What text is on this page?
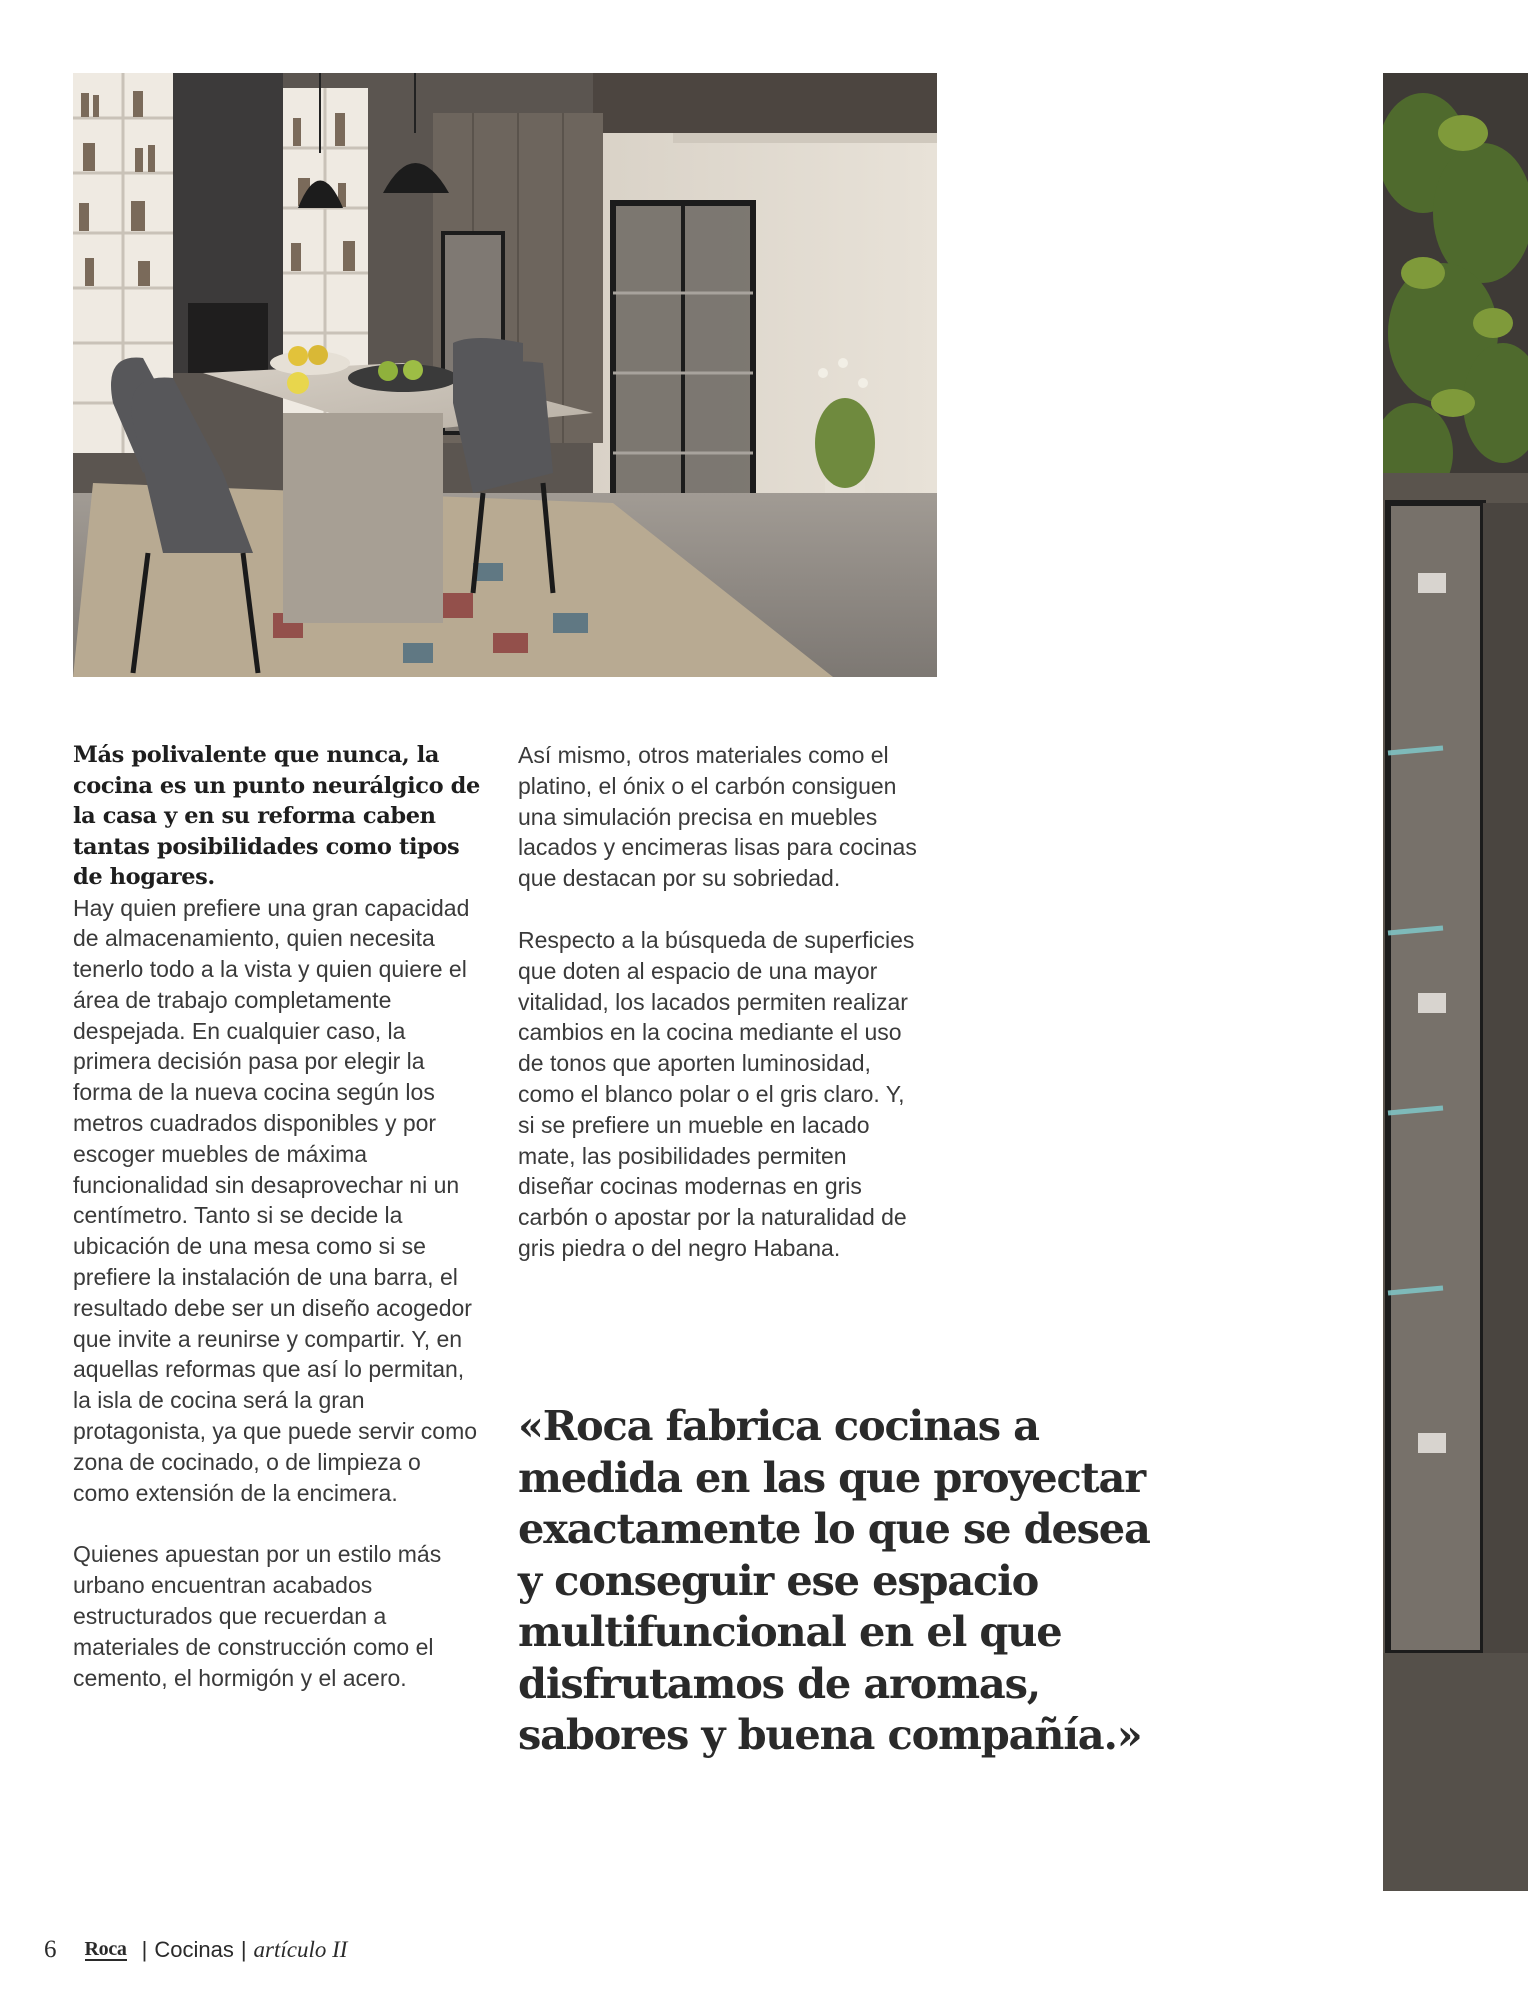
Más polivalente que nunca, la cocina es un punto neurálgico de la casa y en su reforma caben tantas posibilidades como tipos de hogares.

Hay quien prefiere una gran capacidad de almacenamiento, quien necesita tenerlo todo a la vista y quien quiere el área de trabajo completamente despejada. En cualquier caso, la primera decisión pasa por elegir la forma de la nueva cocina según los metros cuadrados disponibles y por escoger muebles de máxima funcionalidad sin desaprovechar ni un centímetro. Tanto si se decide la ubicación de una mesa como si se prefiere la instalación de una barra, el resultado debe ser un diseño acogedor que invite a reunirse y compartir. Y, en aquellas reformas que así lo permitan, la isla de cocina será la gran protagonista, ya que puede servir como zona de cocinado, o de limpieza o como extensión de la encimera.

Quienes apuestan por un estilo más urbano encuentran acabados estructurados que recuerdan a materiales de construcción como el cemento, el hormigón y el acero.

Así mismo, otros materiales como el platino, el ónix o el carbón consiguen una simulación precisa en muebles lacados y encimeras lisas para cocinas que destacan por su sobriedad.

Respecto a la búsqueda de superficies que doten al espacio de una mayor vitalidad, los lacados permiten realizar cambios en la cocina mediante el uso de tonos que aporten luminosidad, como el blanco polar o el gris claro. Y, si se prefiere un mueble en lacado mate, las posibilidades permiten diseñar cocinas modernas en gris carbón o apostar por la naturalidad de gris piedra o del negro Habana.

«Roca fabrica cocinas a medida en las que proyectar exactamente lo que se desea y conseguir ese espacio multifuncional en el que disfrutamos de aromas, sabores y buena compañía.»

6 Roca | Cocinas | artículo II
